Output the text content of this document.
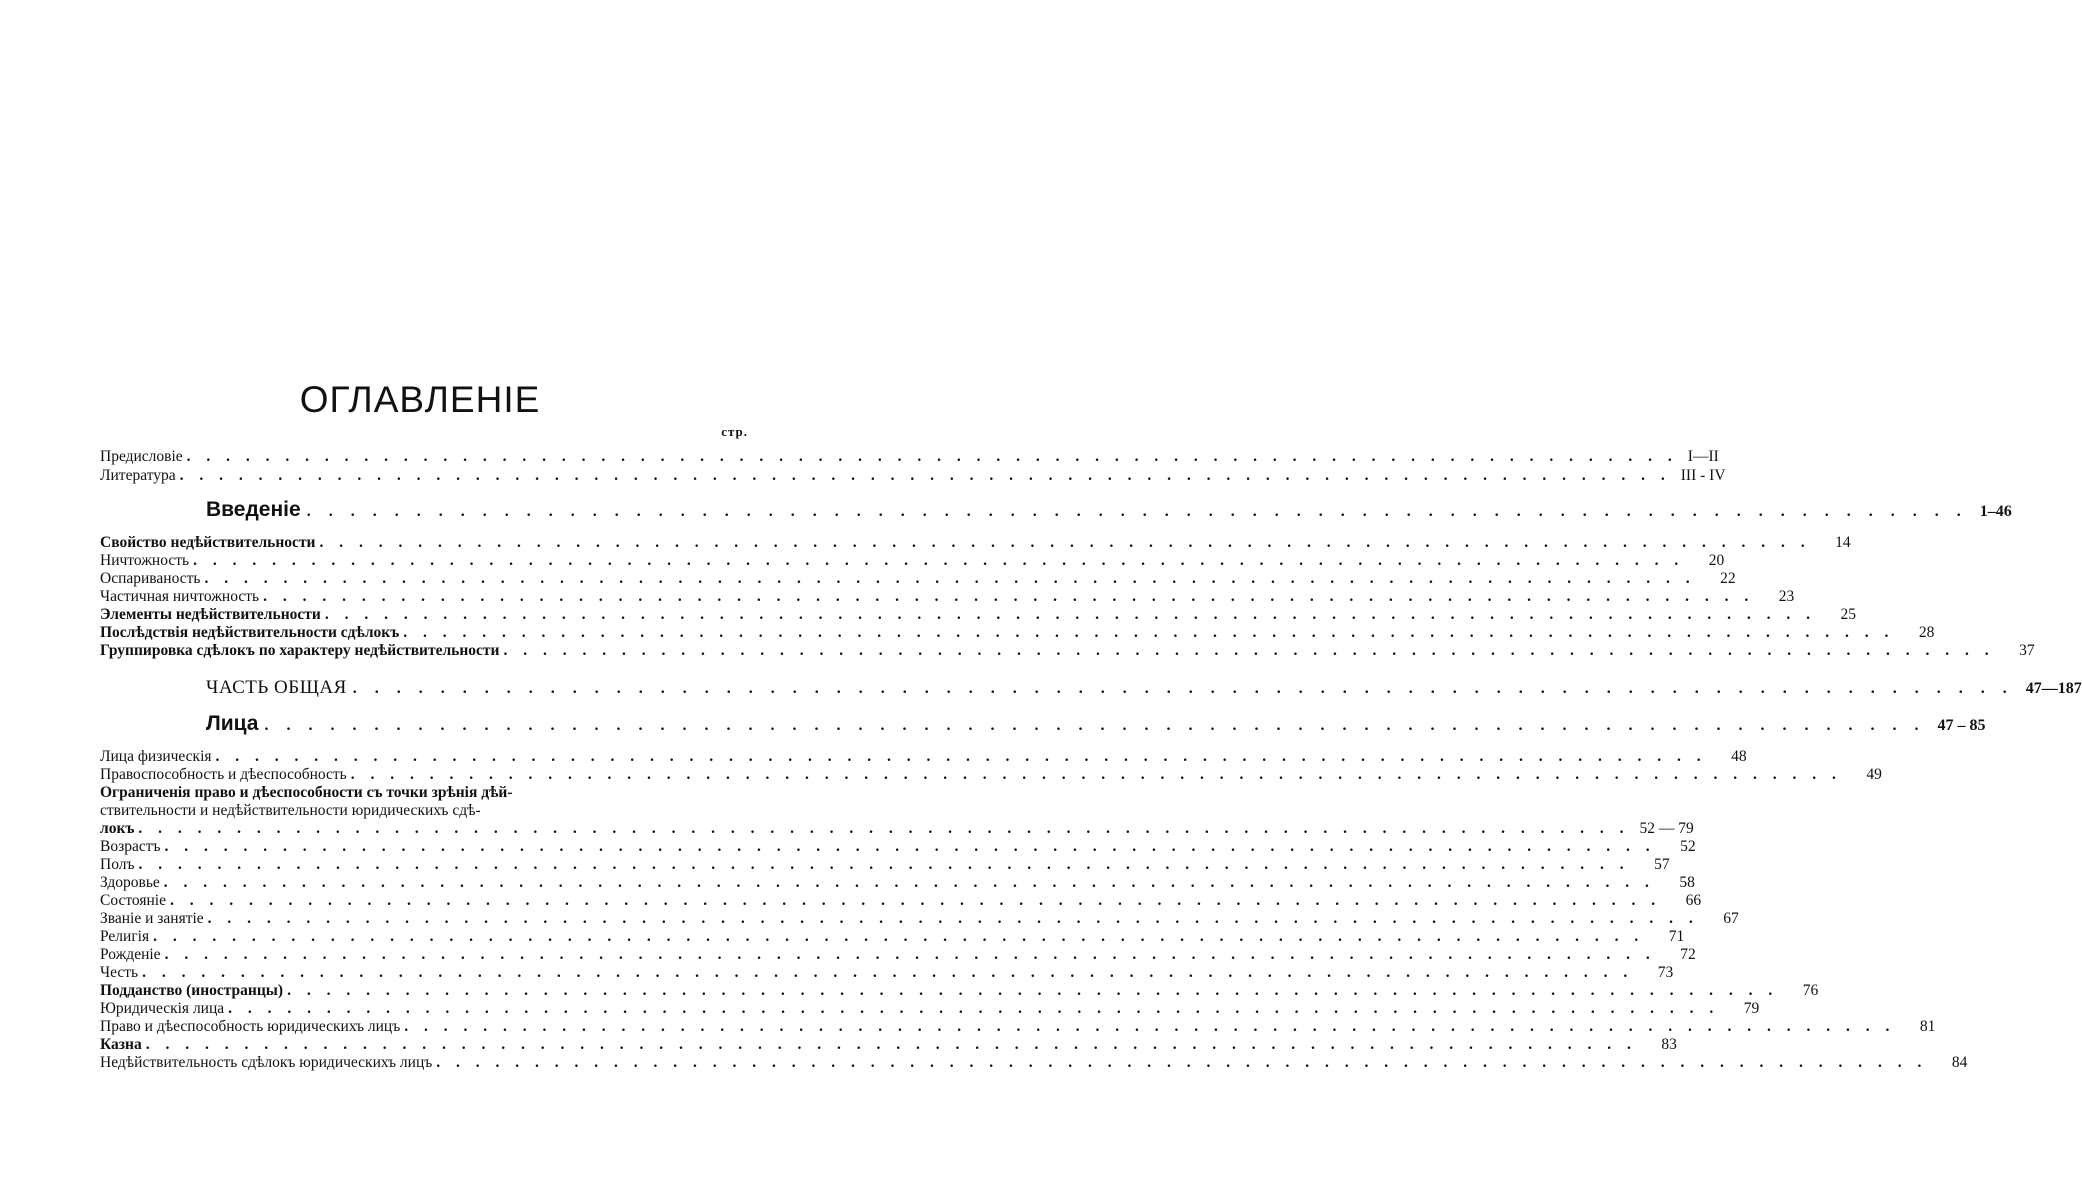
ОГЛАВЛЕНIЕ
стр.
Предисловіе . . . . . . . . . . . . . . . . . . . . . . . . . . . . . . . . . . . . . . . . . . . . . . . . . . . . . . . . . . . . . . . . . . . . . . . . . . . . I—II
Литература . . . . . . . . . . . . . . . . . . . . . . . . . . . . . . . . . . . . . . . . . . . . . . . . . . . . . . . . . . . . . . . . . . . . . . . . . . . . III - IV
Введеніе . . . . . . . . . . . . . . . . . . . . . . . . . . . . . . . . . . . . . . . . . . . . . . . . . . . . . . . . . . . . . . . . . . . . . . . . . . . . 1–46
Свойство недѣйствительности . . . . . . . . . . . . . . . . . . . . . . . . . . . . . . . . . . . . . . . . . . . . . . . . . . . . . . . . . . . . . . . . . . . . . . . . . . . .	14
Ничтожность . . . . . . . . . . . . . . . . . . . . . . . . . . . . . . . . . . . . . . . . . . . . . . . . . . . . . . . . . . . . . . . . . . . . . . . . . . . .	20
Оспариваность . . . . . . . . . . . . . . . . . . . . . . . . . . . . . . . . . . . . . . . . . . . . . . . . . . . . . . . . . . . . . . . . . . . . . . . . . . . .	22
Частичная ничтожность . . . . . . . . . . . . . . . . . . . . . . . . . . . . . . . . . . . . . . . . . . . . . . . . . . . . . . . . . . . . . . . . . . . . . . . . . . . .	23
Элементы недѣйствительности . . . . . . . . . . . . . . . . . . . . . . . . . . . . . . . . . . . . . . . . . . . . . . . . . . . . . . . . . . . . . . . . . . . . . . . . . . . .	25
Послѣдствія недѣйствительности сдѣлокъ . . . . . . . . . . . . . . . . . . . . . . . . . . . . . . . . . . . . . . . . . . . . . . . . . . . . . . . . . . . . . . . . . . . . . . . . . . . .	28
Группировка сдѣлокъ по характеру недѣйствительности . . . . . . . . . . . . . . . . . . . . . . . . . . . . . . . . . . . . . . . . . . . . . . . . . . . . . . . . . . . . . . . . . . . . . . . . . . . .	37
ЧАСТЬ ОБЩАЯ . . . . . . . . . . . . . . . . . . . . . . . . . . . . . . . . . . . . . . . . . . . . . . . . . . . . . . . . . . . . . . . . . . . . . . . . . . . . 47—187
Лица . . . . . . . . . . . . . . . . . . . . . . . . . . . . . . . . . . . . . . . . . . . . . . . . . . . . . . . . . . . . . . . . . . . . . . . . . . . . 47 – 85
Лица физическія . . . . . . . . . . . . . . . . . . . . . . . . . . . . . . . . . . . . . . . . . . . . . . . . . . . . . . . . . . . . . . . . . . . . . . . . . . . .	48
Правоспособность и дѣеспособность . . . . . . . . . . . . . . . . . . . . . . . . . . . . . . . . . . . . . . . . . . . . . . . . . . . . . . . . . . . . . . . . . . . . . . . . . . . .	49
Ограниченія право и дѣеспособности съ точки зрѣнія дѣй-
ствительности и недѣйствительности юридическихъ сдѣ-
локъ . . . . . . . . . . . . . . . . . . . . . . . . . . . . . . . . . . . . . . . . . . . . . . . . . . . . . . . . . . . . . . . . . . . . . . . . . . . . 52 — 79
Возрастъ . . . . . . . . . . . . . . . . . . . . . . . . . . . . . . . . . . . . . . . . . . . . . . . . . . . . . . . . . . . . . . . . . . . . . . . . . . . .	52
Полъ . . . . . . . . . . . . . . . . . . . . . . . . . . . . . . . . . . . . . . . . . . . . . . . . . . . . . . . . . . . . . . . . . . . . . . . . . . . .	57
Здоровье . . . . . . . . . . . . . . . . . . . . . . . . . . . . . . . . . . . . . . . . . . . . . . . . . . . . . . . . . . . . . . . . . . . . . . . . . . . .	58
Состояніе . . . . . . . . . . . . . . . . . . . . . . . . . . . . . . . . . . . . . . . . . . . . . . . . . . . . . . . . . . . . . . . . . . . . . . . . . . . .	66
Званіе и занятіе . . . . . . . . . . . . . . . . . . . . . . . . . . . . . . . . . . . . . . . . . . . . . . . . . . . . . . . . . . . . . . . . . . . . . . . . . . . .	67
Религія . . . . . . . . . . . . . . . . . . . . . . . . . . . . . . . . . . . . . . . . . . . . . . . . . . . . . . . . . . . . . . . . . . . . . . . . . . . .	71
Рожденіе . . . . . . . . . . . . . . . . . . . . . . . . . . . . . . . . . . . . . . . . . . . . . . . . . . . . . . . . . . . . . . . . . . . . . . . . . . . .	72
Честь . . . . . . . . . . . . . . . . . . . . . . . . . . . . . . . . . . . . . . . . . . . . . . . . . . . . . . . . . . . . . . . . . . . . . . . . . . . .	73
Подданство (иностранцы) . . . . . . . . . . . . . . . . . . . . . . . . . . . . . . . . . . . . . . . . . . . . . . . . . . . . . . . . . . . . . . . . . . . . . . . . . . . .	76
Юридическія лица . . . . . . . . . . . . . . . . . . . . . . . . . . . . . . . . . . . . . . . . . . . . . . . . . . . . . . . . . . . . . . . . . . . . . . . . . . . .	79
Право и дѣеспособность юридическихъ лицъ . . . . . . . . . . . . . . . . . . . . . . . . . . . . . . . . . . . . . . . . . . . . . . . . . . . . . . . . . . . . . . . . . . . . . . . . . . . .	81
Казна . . . . . . . . . . . . . . . . . . . . . . . . . . . . . . . . . . . . . . . . . . . . . . . . . . . . . . . . . . . . . . . . . . . . . . . . . . . .	83
Недѣйствительность сдѣлокъ юридическихъ лицъ . . . . . . . . . . . . . . . . . . . . . . . . . . . . . . . . . . . . . . . . . . . . . . . . . . . . . . . . . . . . . . . . . . . . . . . . . . . .	84
